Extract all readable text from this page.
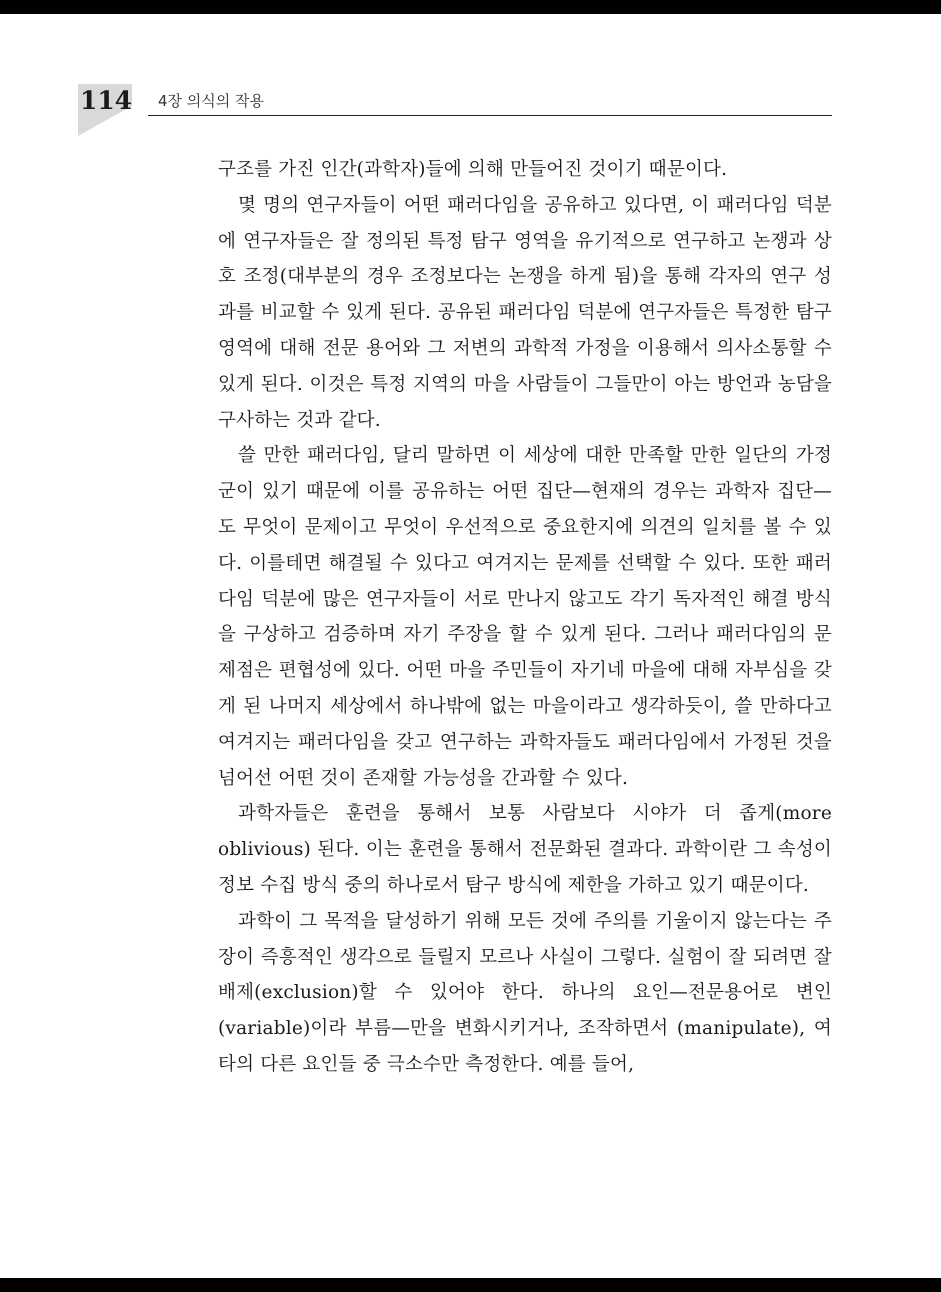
114 4장 의식의 작용

구조를 가진 인간(과학자)들에 의해 만들어진 것이기 때문이다.

몇 명의 연구자들이 어떤 패러다임을 공유하고 있다면, 이 패러다임 덕분에 연구자들은 잘 정의된 특정 탐구 영역을 유기적으로 연구하고 논쟁과 상호 조정(대부분의 경우 조정보다는 논쟁을 하게 됨)을 통해 각자의 연구 성과를 비교할 수 있게 된다. 공유된 패러다임 덕분에 연구자들은 특정한 탐구 영역에 대해 전문 용어와 그 저변의 과학적 가정을 이용해서 의사소통할 수 있게 된다. 이것은 특정 지역의 마을 사람들이 그들만이 아는 방언과 농담을 구사하는 것과 같다.

쓸 만한 패러다임, 달리 말하면 이 세상에 대한 만족할 만한 일단의 가정 군이 있기 때문에 이를 공유하는 어떤 집단—현재의 경우는 과학자 집단—도 무엇이 문제이고 무엇이 우선적으로 중요한지에 의견의 일치를 볼 수 있다. 이를테면 해결될 수 있다고 여겨지는 문제를 선택할 수 있다. 또한 패러다임 덕분에 많은 연구자들이 서로 만나지 않고도 각기 독자적인 해결 방식을 구상하고 검증하며 자기 주장을 할 수 있게 된다. 그러나 패러다임의 문제점은 편협성에 있다. 어떤 마을 주민들이 자기네 마을에 대해 자부심을 갖게 된 나머지 세상에서 하나밖에 없는 마을이라고 생각하듯이, 쓸 만하다고 여겨지는 패러다임을 갖고 연구하는 과학자들도 패러다임에서 가정된 것을 넘어선 어떤 것이 존재할 가능성을 간과할 수 있다.

과학자들은 훈련을 통해서 보통 사람보다 시야가 더 좁게(more oblivious) 된다. 이는 훈련을 통해서 전문화된 결과다. 과학이란 그 속성이 정보 수집 방식 중의 하나로서 탐구 방식에 제한을 가하고 있기 때문이다.

과학이 그 목적을 달성하기 위해 모든 것에 주의를 기울이지 않는다는 주장이 즉흥적인 생각으로 들릴지 모르나 사실이 그렇다. 실험이 잘 되려면 잘 배제(exclusion)할 수 있어야 한다. 하나의 요인—전문용어로 변인(variable)이라 부름—만을 변화시키거나, 조작하면서 (manipulate), 여타의 다른 요인들 중 극소수만 측정한다. 예를 들어,
